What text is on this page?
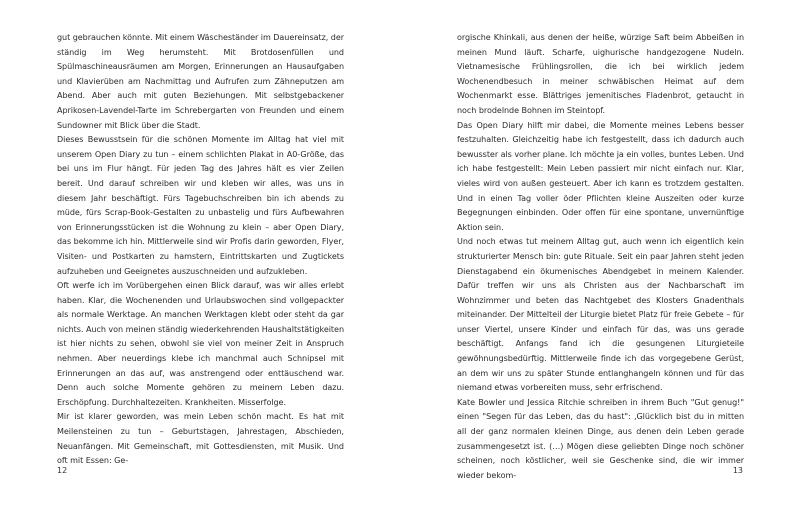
gut gebrauchen könnte. Mit einem Wäscheständer im Dauereinsatz, der ständig im Weg herumsteht. Mit Brotdosenfüllen und Spülmaschineausräumen am Morgen, Erinnerungen an Hausaufgaben und Klavierüben am Nachmittag und Aufrufen zum Zähneputzen am Abend. Aber auch mit guten Beziehungen. Mit selbstgebackener Aprikosen-Lavendel-Tarte im Schrebergarten von Freunden und einem Sundowner mit Blick über die Stadt.

Dieses Bewusstsein für die schönen Momente im Alltag hat viel mit unserem Open Diary zu tun – einem schlichten Plakat in A0-Größe, das bei uns im Flur hängt. Für jeden Tag des Jahres hält es vier Zeilen bereit. Und darauf schreiben wir und kleben wir alles, was uns in diesem Jahr beschäftigt. Fürs Tagebuchschreiben bin ich abends zu müde, fürs Scrap-Book-Gestalten zu unbastelig und fürs Aufbewahren von Erinnerungsstücken ist die Wohnung zu klein – aber Open Diary, das bekomme ich hin. Mittlerweile sind wir Profis darin geworden, Flyer, Visiten- und Postkarten zu hamstern, Eintrittskarten und Zugtickets aufzuheben und Geeignetes auszuschneiden und aufzukleben.

Oft werfe ich im Vorübergehen einen Blick darauf, was wir alles erlebt haben. Klar, die Wochenenden und Urlaubswochen sind vollgepackter als normale Werktage. An manchen Werktagen klebt oder steht da gar nichts. Auch von meinen ständig wiederkehrenden Haushaltstätigkeiten ist hier nichts zu sehen, obwohl sie viel von meiner Zeit in Anspruch nehmen. Aber neuerdings klebe ich manchmal auch Schnipsel mit Erinnerungen an das auf, was anstrengend oder enttäuschend war. Denn auch solche Momente gehören zu meinem Leben dazu. Erschöpfung. Durchhaltezeiten. Krankheiten. Misserfolge.

Mir ist klarer geworden, was mein Leben schön macht. Es hat mit Meilensteinen zu tun – Geburtstagen, Jahrestagen, Abschieden, Neuanfängen. Mit Gemeinschaft, mit Gottesdiensten, mit Musik. Und oft mit Essen: Ge-

12

orgische Khinkali, aus denen der heiße, würzige Saft beim Abbeißen in meinen Mund läuft. Scharfe, uighurische handgezogene Nudeln. Vietnamesische Frühlingsrollen, die ich bei wirklich jedem Wochenendbesuch in meiner schwäbischen Heimat auf dem Wochenmarkt esse. Blättriges jemenitisches Fladenbrot, getaucht in noch brodelnde Bohnen im Steintopf.

Das Open Diary hilft mir dabei, die Momente meines Lebens besser festzuhalten. Gleichzeitig habe ich festgestellt, dass ich dadurch auch bewusster als vorher plane. Ich möchte ja ein volles, buntes Leben. Und ich habe festgestellt: Mein Leben passiert mir nicht einfach nur. Klar, vieles wird von außen gesteuert. Aber ich kann es trotzdem gestalten. Und in einen Tag voller öder Pflichten kleine Auszeiten oder kurze Begegnungen einbinden. Oder offen für eine spontane, unvernünftige Aktion sein.

Und noch etwas tut meinem Alltag gut, auch wenn ich eigentlich kein strukturierter Mensch bin: gute Rituale. Seit ein paar Jahren steht jeden Dienstagabend ein ökumenisches Abendgebet in meinem Kalender. Dafür treffen wir uns als Christen aus der Nachbarschaft im Wohnzimmer und beten das Nachtgebet des Klosters Gnadenthals miteinander. Der Mittelteil der Liturgie bietet Platz für freie Gebete – für unser Viertel, unsere Kinder und einfach für das, was uns gerade beschäftigt. Anfangs fand ich die gesungenen Liturgieteile gewöhnungsbedürftig. Mittlerweile finde ich das vorgegebene Gerüst, an dem wir uns zu später Stunde entlanghangeln können und für das niemand etwas vorbereiten muss, sehr erfrischend.

Kate Bowler und Jessica Ritchie schreiben in ihrem Buch "Gut genug!" einen "Segen für das Leben, das du hast": ‚Glücklich bist du in mitten all der ganz normalen kleinen Dinge, aus denen dein Leben gerade zusammengesetzt ist. (…) Mögen diese geliebten Dinge noch schöner scheinen, noch köstlicher, weil sie Geschenke sind, die wir immer wieder bekom-

13
